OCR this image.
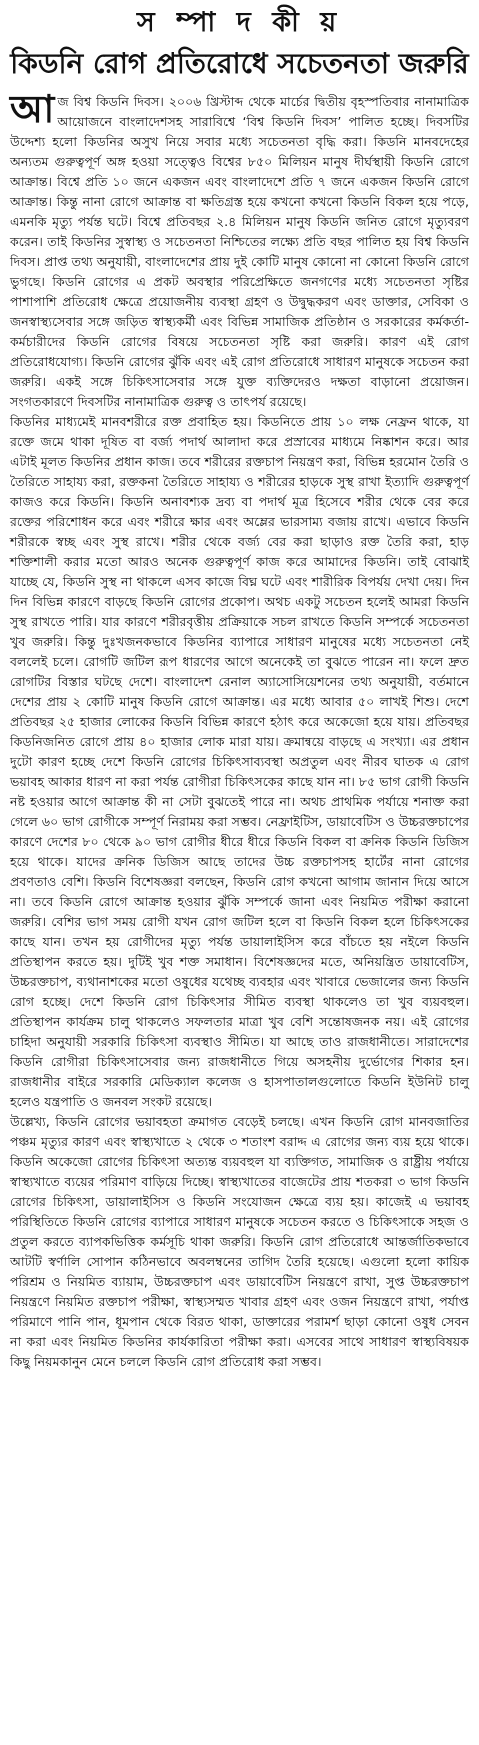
স ম্পা দ কী য়
কিডনি রোগ প্রতিরোধে সচেতনতা জরুরি

আজ বিশ্ব কিডনি দিবস। ২০০৬ খ্রিস্টাব্দ থেকে মার্চের দ্বিতীয় বৃহস্পতিবার নানামাত্রিক আয়োজনে বাংলাদেশসহ সারাবিশ্বে ‘বিশ্ব কিডনি দিবস’ পালিত হচ্ছে। দিবসটির উদ্দেশ্য হলো কিডনির অসুখ নিয়ে সবার মধ্যে সচেতনতা বৃদ্ধি করা। কিডনি মানবদেহের অন্যতম গুরুত্বপূর্ণ অঙ্গ হওয়া সত্ত্বেও বিশ্বের ৮৫০ মিলিয়ন মানুষ দীর্ঘস্থায়ী কিডনি রোগে আক্রান্ত। বিশ্বে প্রতি ১০ জনে একজন এবং বাংলাদেশে প্রতি ৭ জনে একজন কিডনি রোগে আক্রান্ত। কিন্তু নানা রোগে আক্রান্ত বা ক্ষতিগ্রস্ত হয়ে কখনো কখনো কিডনি বিকল হয়ে পড়ে, এমনকি মৃত্যু পর্যন্ত ঘটে। বিশ্বে প্রতিবছর ২.৪ মিলিয়ন মানুষ কিডনি জনিত রোগে মৃত্যুবরণ করেন। তাই কিডনির সুস্বাস্থ্য ও সচেতনতা নিশ্চিতের লক্ষ্যে প্রতি বছর পালিত হয় বিশ্ব কিডনি দিবস। প্রাপ্ত তথ্য অনুযায়ী, বাংলাদেশের প্রায় দুই কোটি মানুষ কোনো না কোনো কিডনি রোগে ভুগছে। কিডনি রোগের এ প্রকট অবস্থার পরিপ্রেক্ষিতে জনগণের মধ্যে সচেতনতা সৃষ্টির পাশাপাশি প্রতিরোধ ক্ষেত্রে প্রয়োজনীয় ব্যবস্থা গ্রহণ ও উদ্বুদ্ধকরণ এবং ডাক্তার, সেবিকা ও জনস্বাস্থ্যসেবার সঙ্গে জড়িত স্বাস্থ্যকর্মী এবং বিভিন্ন সামাজিক প্রতিষ্ঠান ও সরকারের কর্মকর্তা-কর্মচারীদের কিডনি রোগের বিষয়ে সচেতনতা সৃষ্টি করা জরুরি। কারণ এই রোগ প্রতিরোধযোগ্য। কিডনি রোগের ঝুঁকি এবং এই রোগ প্রতিরোধে সাধারণ মানুষকে সচেতন করা জরুরি। একই সঙ্গে চিকিৎসাসেবার সঙ্গে যুক্ত ব্যক্তিদেরও দক্ষতা বাড়ানো প্রয়োজন। সংগতকারণে দিবসটির নানামাত্রিক গুরুত্ব ও তাৎপর্য রয়েছে।

কিডনির মাধ্যমেই মানবশরীরে রক্ত প্রবাহিত হয়। কিডনিতে প্রায় ১০ লক্ষ নেফ্রন থাকে, যা রক্তে জমে থাকা দূষিত বা বর্জ্য পদার্থ আলাদা করে প্রস্রাবের মাধ্যমে নিষ্কাশন করে। আর এটাই মূলত কিডনির প্রধান কাজ। তবে শরীরের রক্তচাপ নিয়ন্ত্রণ করা, বিভিন্ন হরমোন তৈরি ও তৈরিতে সাহায্য করা, রক্তকনা তৈরিতে সাহায্য ও শরীরের হাড়কে সুস্থ রাখা ইত্যাদি গুরুত্বপূর্ণ কাজও করে কিডনি। কিডনি অনাবশ্যক দ্রব্য বা পদার্থ মূত্র হিসেবে শরীর থেকে বের করে রক্তের পরিশোধন করে এবং শরীরে ক্ষার এবং অম্লের ভারসাম্য বজায় রাখে। এভাবে কিডনি শরীরকে স্বচ্ছ এবং সুস্থ রাখে। শরীর থেকে বর্জ্য বের করা ছাড়াও রক্ত তৈরি করা, হাড় শক্তিশালী করার মতো আরও অনেক গুরুত্বপূর্ণ কাজ করে আমাদের কিডনি। তাই বোঝাই যাচ্ছে যে, কিডনি সুস্থ না থাকলে এসব কাজে বিঘ্ন ঘটে এবং শারীরিক বিপর্যয় দেখা দেয়। দিন দিন বিভিন্ন কারণে বাড়ছে কিডনি রোগের প্রকোপ। অথচ একটু সচেতন হলেই আমরা কিডনি সুস্থ রাখতে পারি। যার কারণে শরীরবৃত্তীয় প্রক্রিয়াকে সচল রাখতে কিডনি সম্পর্কে সচেতনতা খুব জরুরি। কিন্তু দুঃখজনকভাবে কিডনির ব্যাপারে সাধারণ মানুষের মধ্যে সচেতনতা নেই বললেই চলে। রোগটি জটিল রূপ ধারণের আগে অনেকেই তা বুঝতে পারেন না। ফলে দ্রুত রোগটির বিস্তার ঘটছে দেশে। বাংলাদেশ রেনাল অ্যাসোসিয়েশনের তথ্য অনুযায়ী, বর্তমানে দেশের প্রায় ২ কোটি মানুষ কিডনি রোগে আক্রান্ত। এর মধ্যে আবার ৫০ লাখই শিশু। দেশে প্রতিবছর ২৫ হাজার লোকের কিডনি বিভিন্ন কারণে হঠাৎ করে অকেজো হয়ে যায়। প্রতিবছর কিডনিজনিত রোগে প্রায় ৪০ হাজার লোক মারা যায়। ক্রমান্বয়ে বাড়ছে এ সংখ্যা। এর প্রধান দুটো কারণ হচ্ছে দেশে কিডনি রোগের চিকিৎসাব্যবস্থা অপ্রতুল এবং নীরব ঘাতক এ রোগ ভয়াবহ আকার ধারণ না করা পর্যন্ত রোগীরা চিকিৎসকের কাছে যান না। ৮৫ ভাগ রোগী কিডনি নষ্ট হওয়ার আগে আক্রান্ত কী না সেটা বুঝতেই পারে না। অথচ প্রাথমিক পর্যায়ে শনাক্ত করা গেলে ৬০ ভাগ রোগীকে সম্পূর্ণ নিরাময় করা সম্ভব। নেফ্রাইটিস, ডায়াবেটিস ও উচ্চরক্তচাপের কারণে দেশের ৮০ থেকে ৯০ ভাগ রোগীর ধীরে ধীরে কিডনি বিকল বা ক্রনিক কিডনি ডিজিস হয়ে থাকে। যাদের ক্রনিক ডিজিস আছে তাদের উচ্চ রক্তচাপসহ হার্টের নানা রোগের প্রবণতাও বেশি। কিডনি বিশেষজ্ঞরা বলছেন, কিডনি রোগ কখনো আগাম জানান দিয়ে আসে না। তবে কিডনি রোগে আক্রান্ত হওয়ার ঝুঁকি সম্পর্কে জানা এবং নিয়মিত পরীক্ষা করানো জরুরি। বেশির ভাগ সময় রোগী যখন রোগ জটিল হলে বা কিডনি বিকল হলে চিকিৎসকের কাছে যান। তখন হয় রোগীদের মৃত্যু পর্যন্ত ডায়ালাইসিস করে বাঁচতে হয় নইলে কিডনি প্রতিস্থাপন করতে হয়। দুটিই খুব শক্ত সমাধান। বিশেষজ্ঞদের মতে, অনিয়ন্ত্রিত ডায়াবেটিস, উচ্চরক্তচাপ, ব্যথানাশকের মতো ওষুধের যথেচ্ছ ব্যবহার এবং খাবারে ভেজালের জন্য কিডনি রোগ হচ্ছে। দেশে কিডনি রোগ চিকিৎসার সীমিত ব্যবস্থা থাকলেও তা খুব ব্যয়বহুল। প্রতিস্থাপন কার্যক্রম চালু থাকলেও সফলতার মাত্রা খুব বেশি সন্তোষজনক নয়। এই রোগের চাহিদা অনুযায়ী সরকারি চিকিৎসা ব্যবস্থাও সীমিত। যা আছে তাও রাজধানীতে। সারাদেশের কিডনি রোগীরা চিকিৎসাসেবার জন্য রাজধানীতে গিয়ে অসহনীয় দুর্ভোগের শিকার হন। রাজধানীর বাইরে সরকারি মেডিক্যাল কলেজ ও হাসপাতালগুলোতে কিডনি ইউনিট চালু হলেও যন্ত্রপাতি ও জনবল সংকট রয়েছে।

উল্লেখ্য, কিডনি রোগের ভয়াবহতা ক্রমাগত বেড়েই চলছে। এখন কিডনি রোগ মানবজাতির পঞ্চম মৃত্যুর কারণ এবং স্বাস্থ্যখাতে ২ থেকে ৩ শতাংশ বরাদ্দ এ রোগের জন্য ব্যয় হয়ে থাকে। কিডনি অকেজো রোগের চিকিৎসা অত্যন্ত ব্যয়বহুল যা ব্যক্তিগত, সামাজিক ও রাষ্ট্রীয় পর্যায়ে স্বাস্থ্যখাতে ব্যয়ের পরিমাণ বাড়িয়ে দিচ্ছে। স্বাস্থ্যখাতের বাজেটের প্রায় শতকরা ৩ ভাগ কিডনি রোগের চিকিৎসা, ডায়ালাইসিস ও কিডনি সংযোজন ক্ষেত্রে ব্যয় হয়। কাজেই এ ভয়াবহ পরিস্থিতিতে কিডনি রোগের ব্যাপারে সাধারণ মানুষকে সচেতন করতে ও চিকিৎসাকে সহজ ও প্রতুল করতে ব্যাপকভিত্তিক কর্মসূচি থাকা জরুরি। কিডনি রোগ প্রতিরোধে আন্তর্জাতিকভাবে আটটি স্বর্ণালি সোপান কঠিনভাবে অবলম্বনের তাগিদ তৈরি হয়েছে। এগুলো হলো কায়িক পরিশ্রম ও নিয়মিত ব্যায়াম, উচ্চরক্তচাপ এবং ডায়াবেটিস নিয়ন্ত্রণে রাখা, সুপ্ত উচ্চরক্তচাপ নিয়ন্ত্রণে নিয়মিত রক্তচাপ পরীক্ষা, স্বাস্থ্যসম্মত খাবার গ্রহণ এবং ওজন নিয়ন্ত্রণে রাখা, পর্যাপ্ত পরিমাণে পানি পান, ধূমপান থেকে বিরত থাকা, ডাক্তারের পরামর্শ ছাড়া কোনো ওষুধ সেবন না করা এবং নিয়মিত কিডনির কার্যকারিতা পরীক্ষা করা। এসবের সাথে সাধারণ স্বাস্থ্যবিষয়ক কিছু নিয়মকানুন মেনে চললে কিডনি রোগ প্রতিরোধ করা সম্ভব।
